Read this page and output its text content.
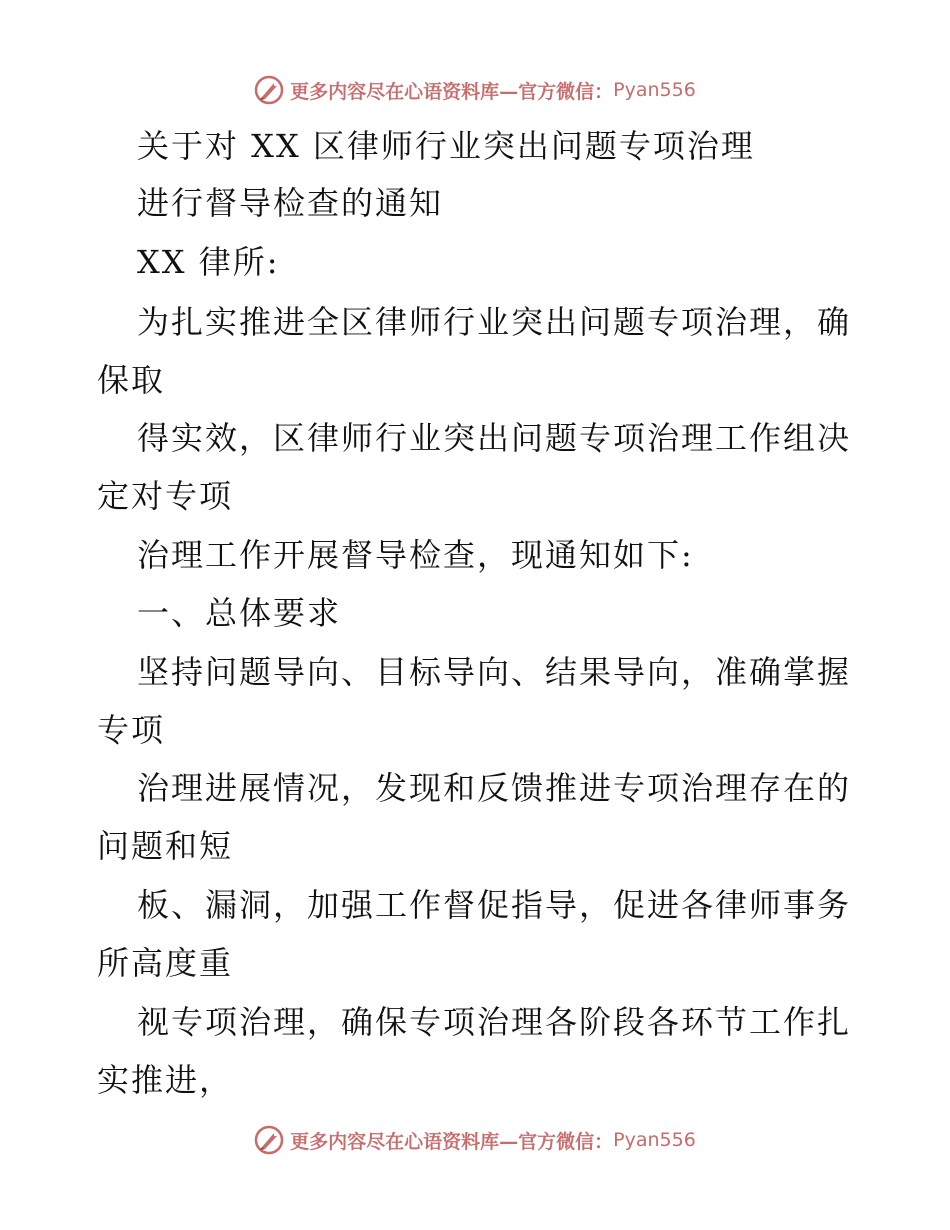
更多内容尽在心语资料库—官方微信： Pyan556
关于对 XX 区律师行业突出问题专项治理
进行督导检查的通知
XX 律所:
为扎实推进全区律师行业突出问题专项治理，确
保取
得实效，区律师行业突出问题专项治理工作组决
定对专项
治理工作开展督导检查，现通知如下:
一、总体要求
坚持问题导向、目标导向、结果导向，准确掌握
专项
治理进展情况，发现和反馈推进专项治理存在的
问题和短
板、漏洞，加强工作督促指导，促进各律师事务
所高度重
视专项治理，确保专项治理各阶段各环节工作扎
实推进，
更多内容尽在心语资料库—官方微信： Pyan556
